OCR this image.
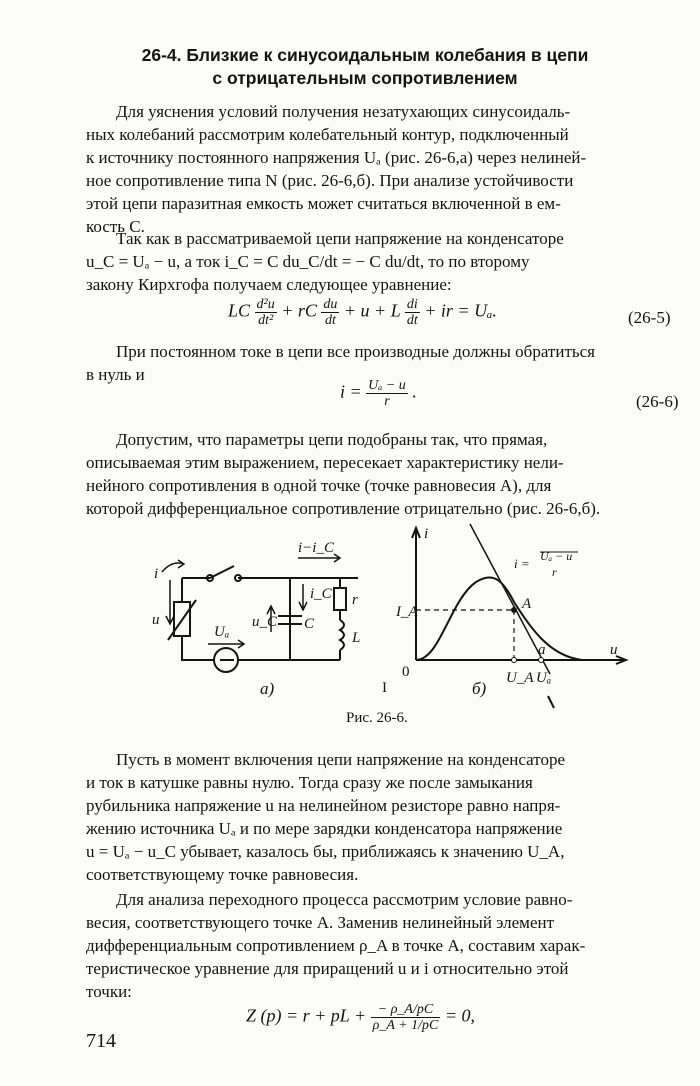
26-4. Близкие к синусоидальным колебания в цепи
с отрицательным сопротивлением
Для уяснения условий получения незатухающих синусоидаль-
ных колебаний рассмотрим колебательный контур, подключенный
к источнику постоянного напряжения Uₐ (рис. 26-6,а) через нелиней-
ное сопротивление типа N (рис. 26-6,б). При анализе устойчивости
этой цепи паразитная емкость может считаться включенной в ем-
кость C.
Так как в рассматриваемой цепи напряжение на конденсаторе
u_C = Uₐ − u, а ток i_C = C du_C/dt = − C du/dt, то по второму
закону Кирхгофа получаем следующее уравнение:
LC $\frac{\text{d²u}}{\text{dt²}}$ + rC $\frac{du}{dt} + u + L \frac{di}{dt}$ + ir = Uₐ.	(26-5)
При постоянном токе в цепи все производные должны обратиться
в нуль и
$i = \frac{\text{Uₐ − u}}{r}$ .	(26-6)
Допустим, что параметры цепи подобраны так, что прямая,
описываемая этим выражением, пересекает характеристику нели-
нейного сопротивления в одной точке (точке равновесия A), для
которой дифференциальное сопротивление отрицательно (рис. 26-6,б).
i
u
Uₐ
u_C
i_C
C
r
L
i−i_C
а)
i
u
0
I_A	A
a
U_A Uₐ
i = Uₐ − u
r
I	б)
Рис. 26-6.
Пусть в момент включения цепи напряжение на конденсаторе
и ток в катушке равны нулю. Тогда сразу же после замыкания
рубильника напряжение u на нелинейном резисторе равно напря-
жению источника Uₐ и по мере зарядки конденсатора напряжение
u = Uₐ − u_C убывает, казалось бы, приближаясь к значению U_A,
соответствующему точке равновесия.
Для анализа переходного процесса рассмотрим условие равно-
весия, соответствующего точке A. Заменив нелинейный элемент
дифференциальным сопротивлением ρ_A в точке A, составим харак-
теристическое уравнение для приращений u и i относительно этой
точки:
Z (p) = r + pL + $\frac{- \rho\_A/pC}{\rho\_A + 1/pC} = 0$,
714
